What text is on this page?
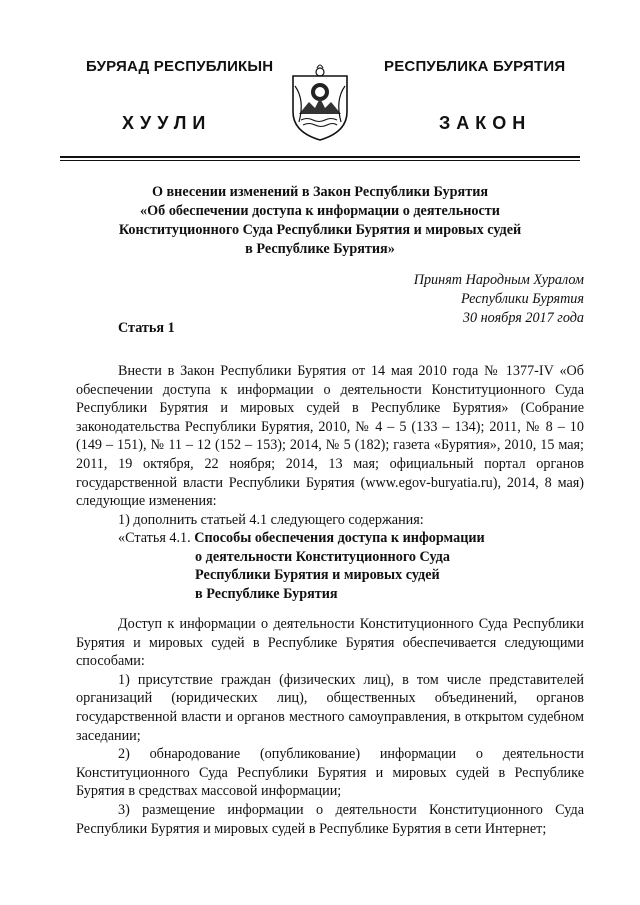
БУРЯАД РЕСПУБЛИКЫН
ХУУЛИ
РЕСПУБЛИКА БУРЯТИЯ
ЗАКОН
О внесении изменений в Закон Республики Бурятия
«Об обеспечении доступа к информации о деятельности
Конституционного Суда Республики Бурятия и мировых судей
в Республике Бурятия»
Принят Народным Хуралом
Республики Бурятия
30 ноября 2017 года
Статья 1

Внести в Закон Республики Бурятия от 14 мая 2010 года № 1377-IV «Об обеспечении доступа к информации о деятельности Конституционного Суда Республики Бурятия и мировых судей в Республике Бурятия» (Собрание законодательства Республики Бурятия, 2010, № 4 – 5 (133 – 134); 2011, № 8 – 10 (149 – 151), № 11 – 12 (152 – 153); 2014, № 5 (182); газета «Бурятия», 2010, 15 мая; 2011, 19 октября, 22 ноября; 2014, 13 мая; официальный портал органов государственной власти Республики Бурятия (www.egov-buryatia.ru), 2014, 8 мая) следующие изменения:

1) дополнить статьей 4.1 следующего содержания:

«Статья 4.1. Способы обеспечения доступа к информации
о деятельности Конституционного Суда
Республики Бурятия и мировых судей
в Республике Бурятия

Доступ к информации о деятельности Конституционного Суда Республики Бурятия и мировых судей в Республике Бурятия обеспечивается следующими способами:

1) присутствие граждан (физических лиц), в том числе представителей организаций (юридических лиц), общественных объединений, органов государственной власти и органов местного самоуправления, в открытом судебном заседании;

2) обнародование (опубликование) информации о деятельности Конституционного Суда Республики Бурятия и мировых судей в Республике Бурятия в средствах массовой информации;

3) размещение информации о деятельности Конституционного Суда Республики Бурятия и мировых судей в Республике Бурятия в сети Интернет;
